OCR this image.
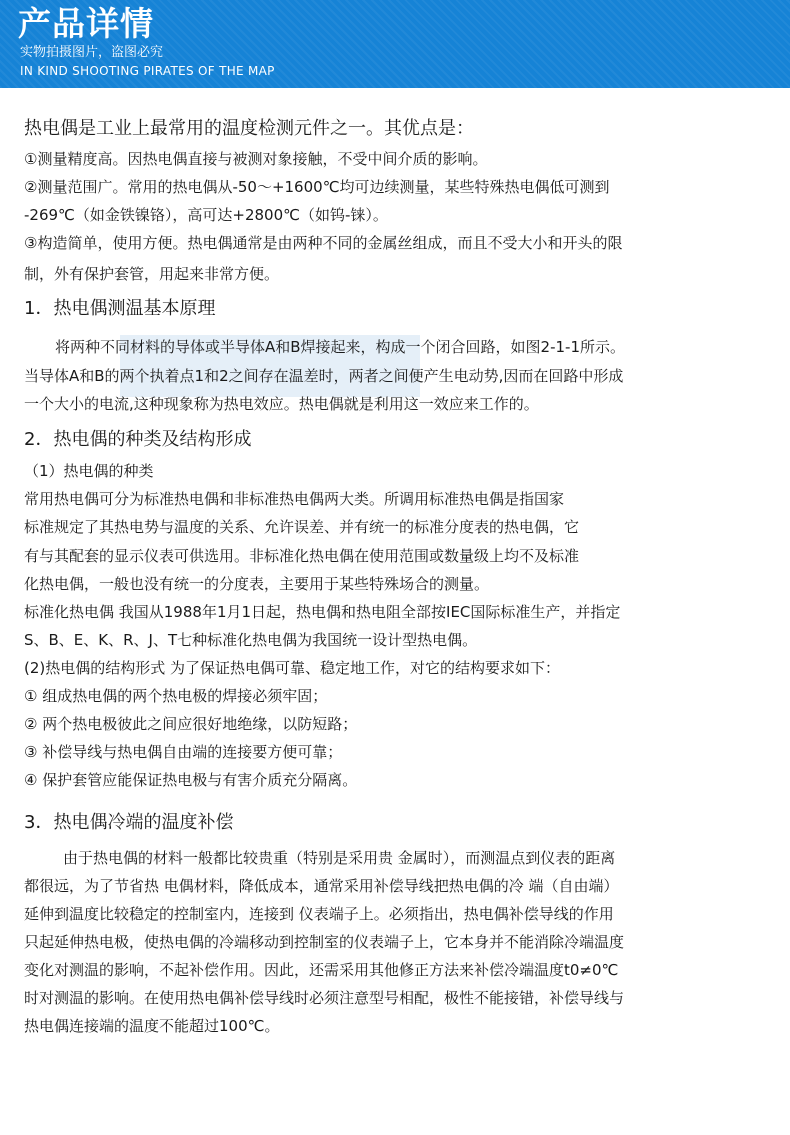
产品详情
实物拍摄图片，盗图必究
IN KIND SHOOTING PIRATES OF THE MAP
热电偶是工业上最常用的温度检测元件之一。其优点是：
①测量精度高。因热电偶直接与被测对象接触，不受中间介质的影响。
②测量范围广。常用的热电偶从-50～+1600℃均可边续测量，某些特殊热电偶低可测到
-269℃（如金铁镍铬），高可达+2800℃（如钨-铼）。
③构造简单，使用方便。热电偶通常是由两种不同的金属丝组成，而且不受大小和开头的限
制，外有保护套管，用起来非常方便。
1．热电偶测温基本原理
将两种不同材料的导体或半导体A和B焊接起来，构成一个闭合回路，如图2-1-1所示。
当导体A和B的两个执着点1和2之间存在温差时，两者之间便产生电动势,因而在回路中形成
一个大小的电流,这种现象称为热电效应。热电偶就是利用这一效应来工作的。
2．热电偶的种类及结构形成
（1）热电偶的种类
常用热电偶可分为标准热电偶和非标准热电偶两大类。所调用标准热电偶是指国家
标准规定了其热电势与温度的关系、允许误差、并有统一的标准分度表的热电偶，它
有与其配套的显示仪表可供选用。非标准化热电偶在使用范围或数量级上均不及标准
化热电偶，一般也没有统一的分度表，主要用于某些特殊场合的测量。
标准化热电偶 我国从1988年1月1日起，热电偶和热电阻全部按IEC国际标准生产，并指定
S、B、E、K、R、J、T七种标准化热电偶为我国统一设计型热电偶。
(2)热电偶的结构形式 为了保证热电偶可靠、稳定地工作，对它的结构要求如下：
① 组成热电偶的两个热电极的焊接必须牢固；
② 两个热电极彼此之间应很好地绝缘，以防短路；
③ 补偿导线与热电偶自由端的连接要方便可靠；
④ 保护套管应能保证热电极与有害介质充分隔离。
3．热电偶冷端的温度补偿
由于热电偶的材料一般都比较贵重（特别是采用贵 金属时），而测温点到仪表的距离
都很远，为了节省热 电偶材料，降低成本，通常采用补偿导线把热电偶的冷 端（自由端）
延伸到温度比较稳定的控制室内，连接到 仪表端子上。必须指出，热电偶补偿导线的作用
只起延伸热电极，使热电偶的冷端移动到控制室的仪表端子上，它本身并不能消除冷端温度
变化对测温的影响，不起补偿作用。因此，还需采用其他修正方法来补偿冷端温度t0≠0℃
时对测温的影响。在使用热电偶补偿导线时必须注意型号相配，极性不能接错，补偿导线与
热电偶连接端的温度不能超过100℃。
